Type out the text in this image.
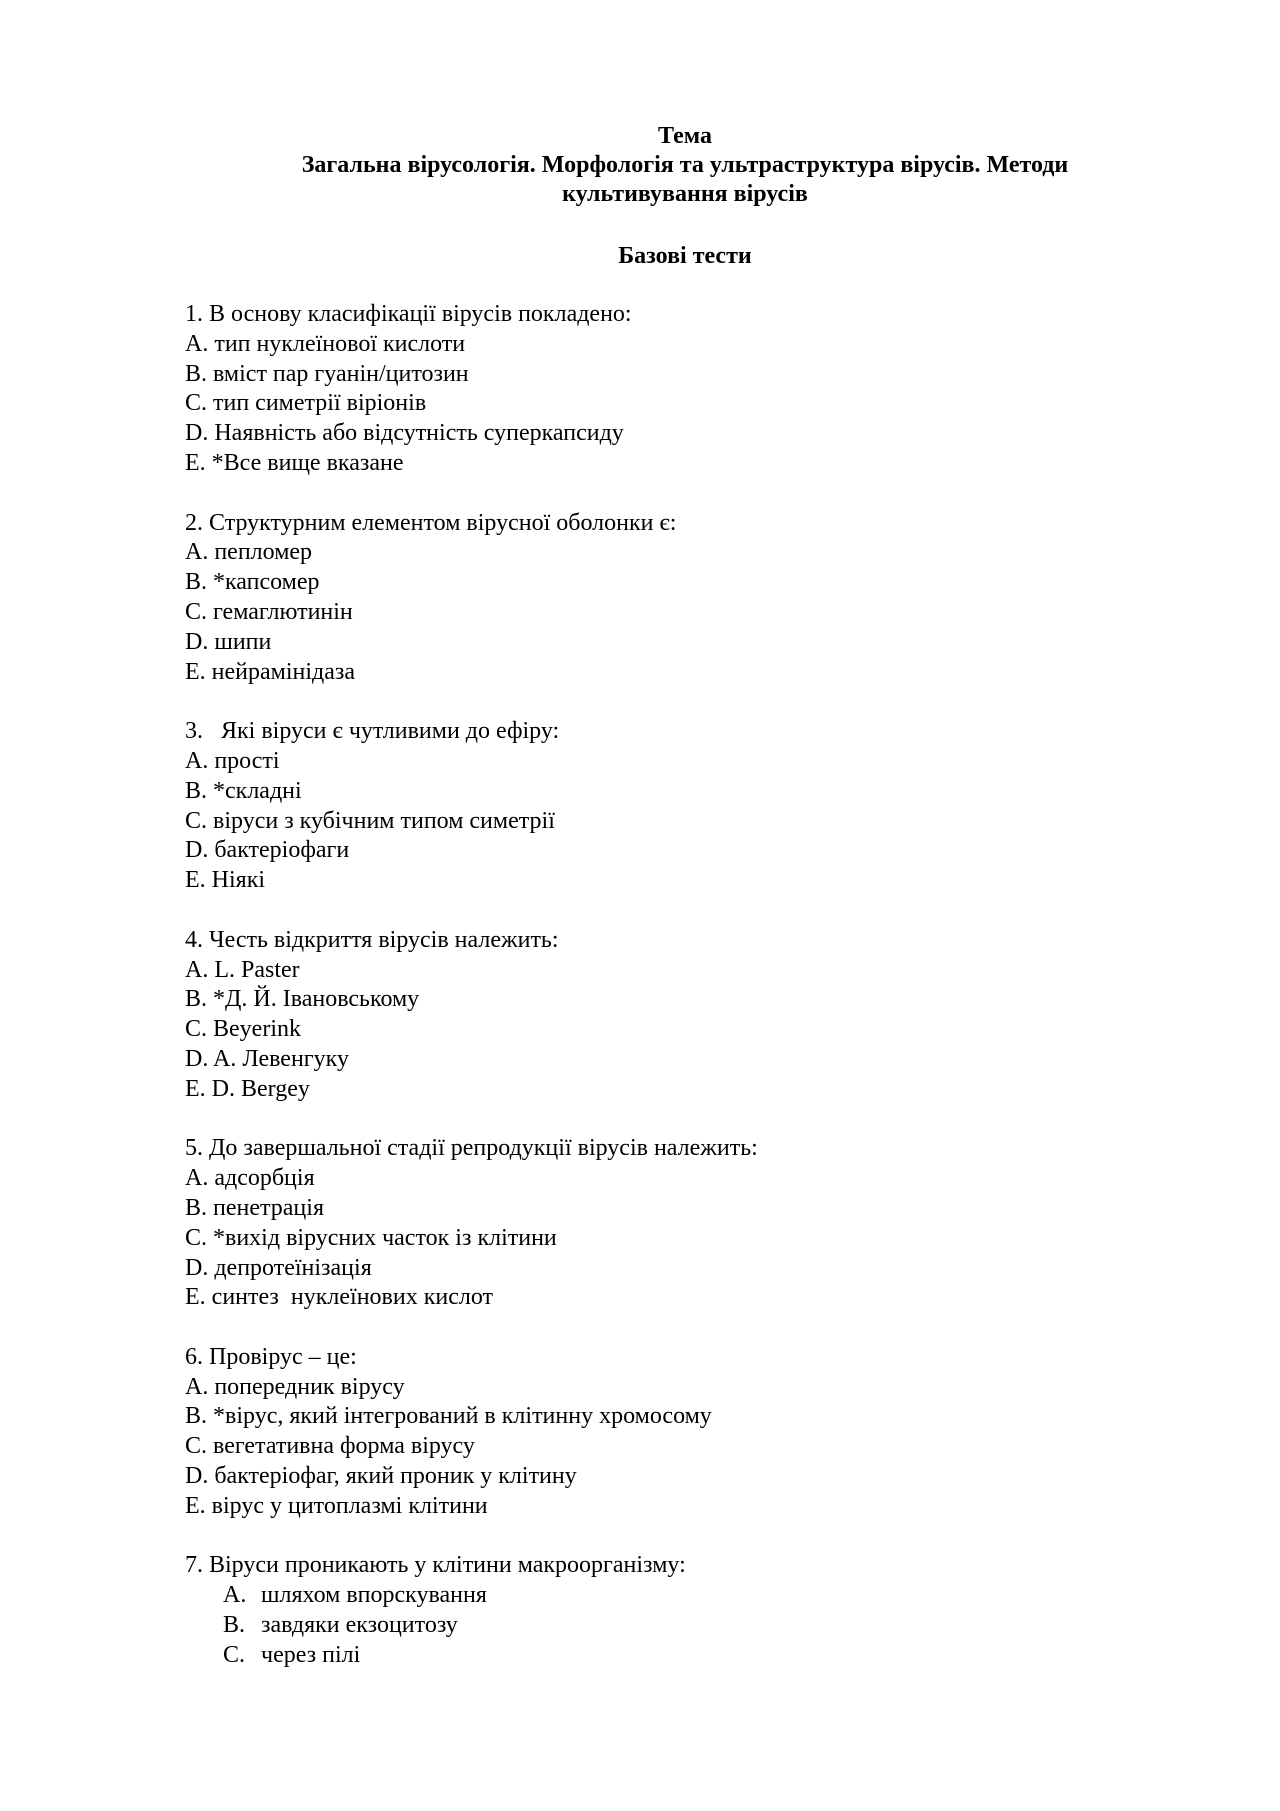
Тема
Загальна вірусологія. Морфологія та ультраструктура вірусів. Методи
культивування вірусів
Базові тести
1. В основу класифікації вірусів покладено:
A. тип нуклеїнової кислоти
B. вміст пар гуанін/цитозин
C. тип симетрії віріонів
D. Наявність або відсутність суперкапсиду
E. *Все вище вказане
2. Структурним елементом вірусної оболонки є:
A. пепломер
B. *капсомер
C. гемаглютинін
D. шипи
E. нейрамінідаза
3.   Які віруси є чутливими до ефіру:
A. прості
B. *складні
C. віруси з кубічним типом симетрії
D. бактеріофаги
E. Ніякі
4. Честь відкриття вірусів належить:
A. L. Paster
B. *Д. Й. Івановському
C. Beyerink
D. A. Левенгуку
E. D. Bergey
5. До завершальної стадії репродукції вірусів належить:
A. адсорбція
B. пенетрація
C. *вихід вірусних часток із клітини
D. депротеїнізація
E. синтез  нуклеїнових кислот
6. Провірус – це:
A. попередник вірусу
B. *вірус, який інтегрований в клітинну хромосому
C. вегетативна форма вірусу
D. бактеріофаг, який проник у клітину
E. вірус у цитоплазмі клітини
7. Віруси проникають у клітини макроорганізму:
A. шляхом впорскування
B. завдяки екзоцитозу
C. через пілі
